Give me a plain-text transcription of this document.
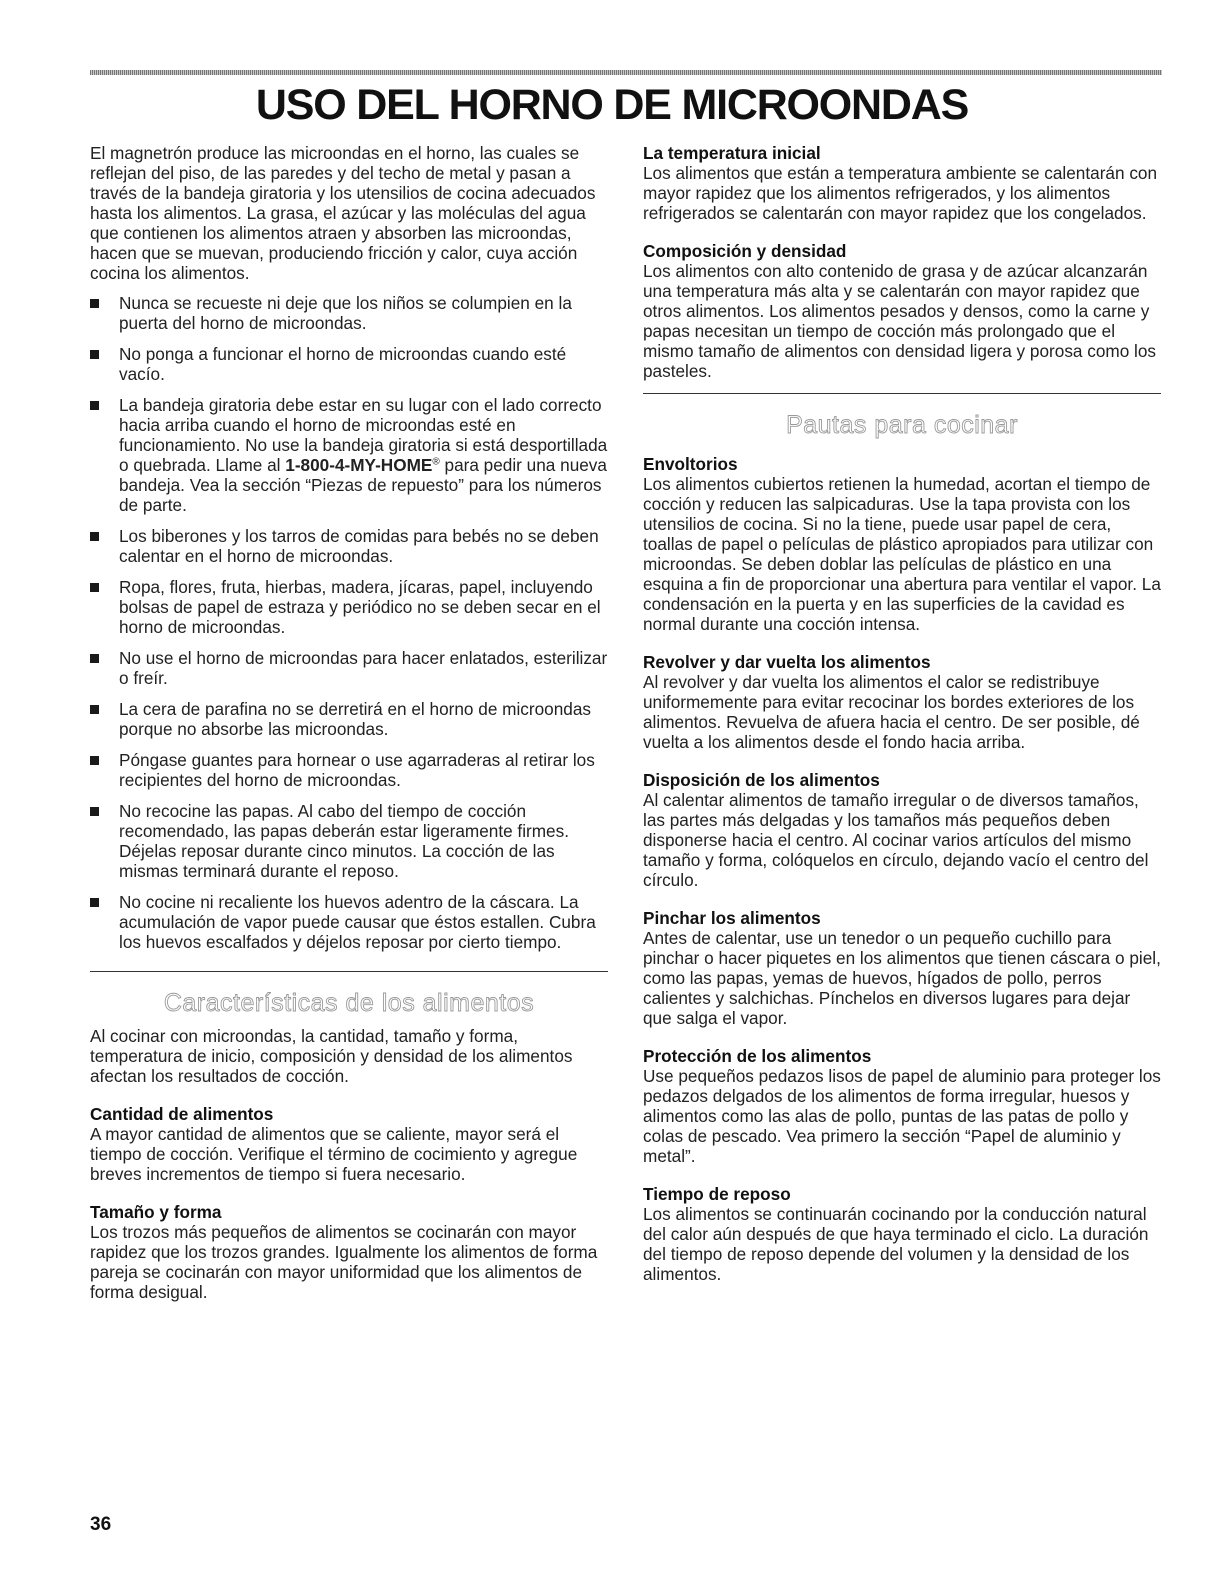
USO DEL HORNO DE MICROONDAS

El magnetrón produce las microondas en el horno, las cuales se reflejan del piso, de las paredes y del techo de metal y pasan a través de la bandeja giratoria y los utensilios de cocina adecuados hasta los alimentos. La grasa, el azúcar y las moléculas del agua que contienen los alimentos atraen y absorben las microondas, hacen que se muevan, produciendo fricción y calor, cuya acción cocina los alimentos.

Nunca se recueste ni deje que los niños se columpien en la puerta del horno de microondas.
No ponga a funcionar el horno de microondas cuando esté vacío.
La bandeja giratoria debe estar en su lugar con el lado correcto hacia arriba cuando el horno de microondas esté en funcionamiento. No use la bandeja giratoria si está desportillada o quebrada. Llame al 1-800-4-MY-HOME® para pedir una nueva bandeja. Vea la sección “Piezas de repuesto” para los números de parte.
Los biberones y los tarros de comidas para bebés no se deben calentar en el horno de microondas.
Ropa, flores, fruta, hierbas, madera, jícaras, papel, incluyendo bolsas de papel de estraza y periódico no se deben secar en el horno de microondas.
No use el horno de microondas para hacer enlatados, esterilizar o freír.
La cera de parafina no se derretirá en el horno de microondas porque no absorbe las microondas.
Póngase guantes para hornear o use agarraderas al retirar los recipientes del horno de microondas.
No recocine las papas. Al cabo del tiempo de cocción recomendado, las papas deberán estar ligeramente firmes. Déjelas reposar durante cinco minutos. La cocción de las mismas terminará durante el reposo.
No cocine ni recaliente los huevos adentro de la cáscara. La acumulación de vapor puede causar que éstos estallen. Cubra los huevos escalfados y déjelos reposar por cierto tiempo.
Características de los alimentos

Al cocinar con microondas, la cantidad, tamaño y forma, temperatura de inicio, composición y densidad de los alimentos afectan los resultados de cocción.

Cantidad de alimentos

A mayor cantidad de alimentos que se caliente, mayor será el tiempo de cocción. Verifique el término de cocimiento y agregue breves incrementos de tiempo si fuera necesario.

Tamaño y forma

Los trozos más pequeños de alimentos se cocinarán con mayor rapidez que los trozos grandes. Igualmente los alimentos de forma pareja se cocinarán con mayor uniformidad que los alimentos de forma desigual.

La temperatura inicial

Los alimentos que están a temperatura ambiente se calentarán con mayor rapidez que los alimentos refrigerados, y los alimentos refrigerados se calentarán con mayor rapidez que los congelados.

Composición y densidad

Los alimentos con alto contenido de grasa y de azúcar alcanzarán una temperatura más alta y se calentarán con mayor rapidez que otros alimentos. Los alimentos pesados y densos, como la carne y papas necesitan un tiempo de cocción más prolongado que el mismo tamaño de alimentos con densidad ligera y porosa como los pasteles.

Pautas para cocinar
Envoltorios

Los alimentos cubiertos retienen la humedad, acortan el tiempo de cocción y reducen las salpicaduras. Use la tapa provista con los utensilios de cocina. Si no la tiene, puede usar papel de cera, toallas de papel o películas de plástico apropiados para utilizar con microondas. Se deben doblar las películas de plástico en una esquina a fin de proporcionar una abertura para ventilar el vapor. La condensación en la puerta y en las superficies de la cavidad es normal durante una cocción intensa.

Revolver y dar vuelta los alimentos

Al revolver y dar vuelta los alimentos el calor se redistribuye uniformemente para evitar recocinar los bordes exteriores de los alimentos. Revuelva de afuera hacia el centro. De ser posible, dé vuelta a los alimentos desde el fondo hacia arriba.

Disposición de los alimentos

Al calentar alimentos de tamaño irregular o de diversos tamaños, las partes más delgadas y los tamaños más pequeños deben disponerse hacia el centro. Al cocinar varios artículos del mismo tamaño y forma, colóquelos en círculo, dejando vacío el centro del círculo.

Pinchar los alimentos

Antes de calentar, use un tenedor o un pequeño cuchillo para pinchar o hacer piquetes en los alimentos que tienen cáscara o piel, como las papas, yemas de huevos, hígados de pollo, perros calientes y salchichas. Pínchelos en diversos lugares para dejar que salga el vapor.

Protección de los alimentos

Use pequeños pedazos lisos de papel de aluminio para proteger los pedazos delgados de los alimentos de forma irregular, huesos y alimentos como las alas de pollo, puntas de las patas de pollo y colas de pescado. Vea primero la sección “Papel de aluminio y metal”.

Tiempo de reposo

Los alimentos se continuarán cocinando por la conducción natural del calor aún después de que haya terminado el ciclo. La duración del tiempo de reposo depende del volumen y la densidad de los alimentos.

36
